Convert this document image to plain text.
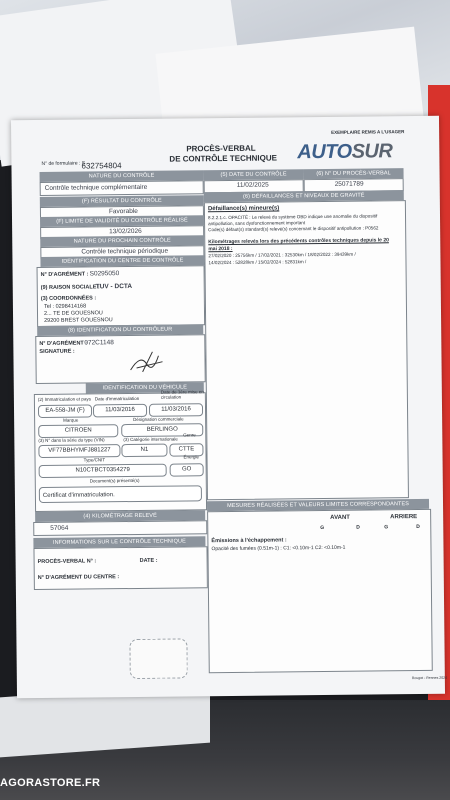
EXEMPLAIRE REMIS A L'USAGER
PROCÈS-VERBAL
DE CONTRÔLE TECHNIQUE
N° de formulaire : S
632754804
NATURE DU CONTRÔLE
Contrôle technique complémentaire
(F) RÉSULTAT DU CONTRÔLE
Favorable
(F) LIMITE DE VALIDITÉ DU CONTRÔLE RÉALISÉ
13/02/2026
NATURE DU PROCHAIN CONTRÔLE
Contrôle technique périodique
IDENTIFICATION DU CENTRE DE CONTRÔLE
N° D'AGRÉMENT : S0295050
(9) RAISON SOCIALE :
TUV - DCTA
(3) COORDONNÉES :
Tel : 0298414168
2... TE DE GOUESNOU
29200 BREST GOUESNOU
(8) IDENTIFICATION DU CONTRÔLEUR
N° D'AGRÉMENT :
072C1148
SIGNATURE :
IDENTIFICATION DU VÉHICULE
(2) Immatriculation et pays Date d'immatriculation
Date de 1ère mise en circulation
EA-558-JM (F)	11/03/2016	11/03/2016
Marque	Désignation commerciale
CITROEN	BERLINGO
(3) N° dans la série du type (VIN)	(3) Catégorie internationale
Genre
VF77BBHYMFJ881227	N1	CTTE
Type/CNIT
Énergie
N10CTBCT0354279	GO
Document(s) présenté(s)
Certificat d'immatriculation.
(4) KILOMÉTRAGE RELEVÉ
57064
INFORMATIONS SUR LE CONTRÔLE TECHNIQUE
PROCÈS-VERBAL N° :	DATE :
N° D'AGRÉMENT DU CENTRE :
AUTOSUR
(5) DATE DU CONTRÔLE	(6) N° DU PROCÈS-VERBAL
11/02/2025	25071789
(6) DÉFAILLANCES ET NIVEAUX DE GRAVITÉ
Défaillance(s) mineure(s)
8.2.2.1.c. OPACITÉ : Le relevé du système OBD indique une anomalie du dispositif
antipollution, sans dysfonctionnement important
Code(s) défaut(s) standard(s) relevé(s) concernant le dispositif antipollution : P0562
Kilométrages relevés lors des précédents contrôles techniques depuis le 20
mai 2018 :
27/02/2020 : 25756km / 17/02/2021 : 32530km / 18/02/2022 : 39439km /
14/02/2024 : 52828km / 15/02/2024 : 52831km /
MESURES RÉALISÉES ET VALEURS LIMITES CORRESPONDANTES
AVANT	ARRIERE
G	D	G	D
Émissions à l'échappement :
Opacité des fumées (0.51m-1) : C1: <0.10m-1 C2: <0.10m-1
Rouget - Rennes 2024
AGORASTORE.FR
